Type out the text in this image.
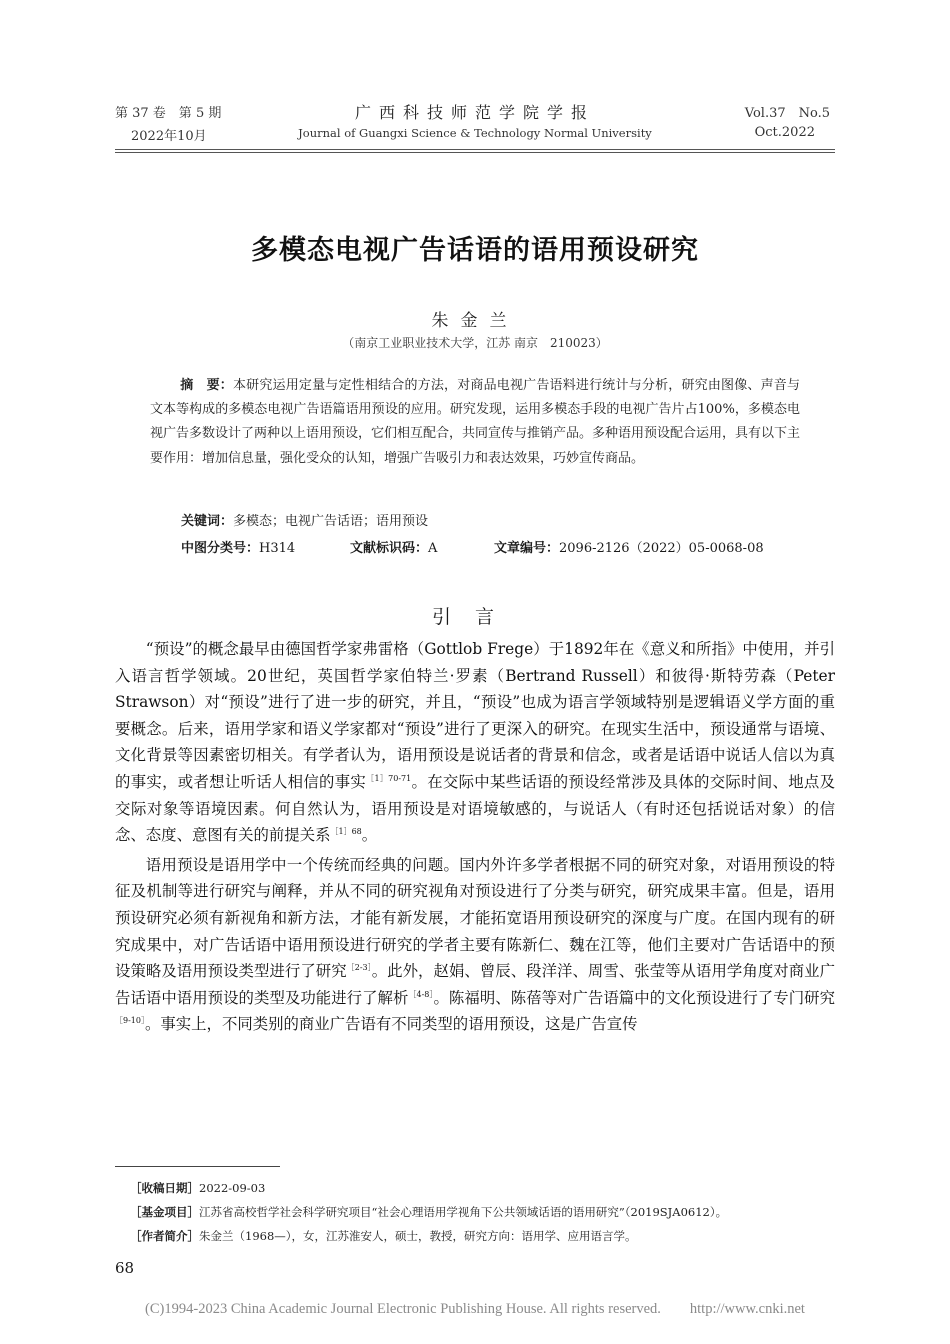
第 37 卷　第 5 期
2022年10月
广西科技师范学院学报
Journal of Guangxi Science & Technology Normal University
Vol.37　No.5
Oct.2022
多模态电视广告话语的语用预设研究
朱金兰
（南京工业职业技术大学，江苏 南京　210023）
摘　要：本研究运用定量与定性相结合的方法，对商品电视广告语料进行统计与分析，研究由图像、声音与文本等构成的多模态电视广告语篇语用预设的应用。研究发现，运用多模态手段的电视广告片占100%，多模态电视广告多数设计了两种以上语用预设，它们相互配合，共同宣传与推销产品。多种语用预设配合运用，具有以下主要作用：增加信息量，强化受众的认知，增强广告吸引力和表达效果，巧妙宣传商品。
关键词：多模态；电视广告话语；语用预设
中图分类号：H314	文献标识码：A	文章编号：2096-2126（2022）05-0068-08
引言

“预设”的概念最早由德国哲学家弗雷格（Gottlob Frege）于1892年在《意义和所指》中使用，并引入语言哲学领域。20世纪，英国哲学家伯特兰·罗素（Bertrand Russell）和彼得·斯特劳森（Peter Strawson）对“预设”进行了进一步的研究，并且，“预设”也成为语言学领域特别是逻辑语义学方面的重要概念。后来，语用学家和语义学家都对“预设”进行了更深入的研究。在现实生活中，预设通常与语境、文化背景等因素密切相关。有学者认为，语用预设是说话者的背景和信念，或者是话语中说话人信以为真的事实，或者想让听话人相信的事实$^{[1]70-71}$。在交际中某些话语的预设经常涉及具体的交际时间、地点及交际对象等语境因素。何自然认为，语用预设是对语境敏感的，与说话人（有时还包括说话对象）的信念、态度、意图有关的前提关系$^{[1]68}$。

语用预设是语用学中一个传统而经典的问题。国内外许多学者根据不同的研究对象，对语用预设的特征及机制等进行研究与阐释，并从不同的研究视角对预设进行了分类与研究，研究成果丰富。但是，语用预设研究必须有新视角和新方法，才能有新发展，才能拓宽语用预设研究的深度与广度。在国内现有的研究成果中，对广告话语中语用预设进行研究的学者主要有陈新仁、魏在江等，他们主要对广告话语中的预设策略及语用预设类型进行了研究$^{[2-3]}$。此外，赵娟、曾辰、段洋洋、周雪、张莹等从语用学角度对商业广告话语中语用预设的类型及功能进行了解析$^{[4-8]}$。陈福明、陈蓓等对广告语篇中的文化预设进行了专门研究$^{[9-10]}$。事实上，不同类别的商业广告语有不同类型的语用预设，这是广告宣传

［收稿日期］2022-09-03
［基金项目］江苏省高校哲学社会科学研究项目“社会心理语用学视角下公共领域话语的语用研究”（2019SJA0612）。
［作者简介］朱金兰（1968—），女，江苏淮安人，硕士，教授，研究方向：语用学、应用语言学。
68
(C)1994-2023 China Academic Journal Electronic Publishing House. All rights reserved.　　http://www.cnki.net
